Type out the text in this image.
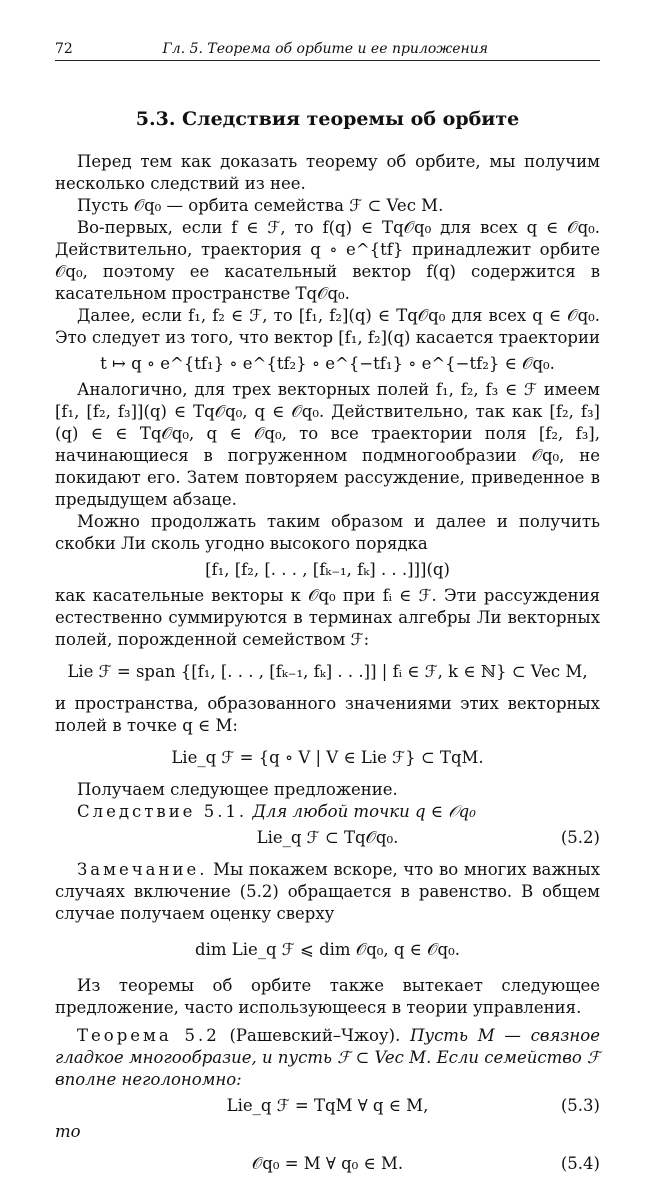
72	Гл. 5. Теорема об орбите и ее приложения
5.3. Следствия теоремы об орбите

Перед тем как доказать теорему об орбите, мы получим несколько следствий из нее.

Пусть 𝒪q₀ — орбита семейства ℱ ⊂ Vec M.

Во-первых, если f ∈ ℱ, то f(q) ∈ Tq𝒪q₀ для всех q ∈ 𝒪q₀. Действительно, траектория q ∘ e^{tf} принадлежит орбите 𝒪q₀, поэтому ее касательный вектор f(q) содержится в касательном пространстве Tq𝒪q₀.

Далее, если f₁, f₂ ∈ ℱ, то [f₁, f₂](q) ∈ Tq𝒪q₀ для всех q ∈ 𝒪q₀. Это следует из того, что вектор [f₁, f₂](q) касается траектории

t ↦ q ∘ e^{tf₁} ∘ e^{tf₂} ∘ e^{−tf₁} ∘ e^{−tf₂} ∈ 𝒪q₀.

Аналогично, для трех векторных полей f₁, f₂, f₃ ∈ ℱ имеем [f₁, [f₂, f₃]](q) ∈ Tq𝒪q₀, q ∈ 𝒪q₀. Действительно, так как [f₂, f₃](q) ∈ ∈ Tq𝒪q₀, q ∈ 𝒪q₀, то все траектории поля [f₂, f₃], начинающиеся в погруженном подмногообразии 𝒪q₀, не покидают его. Затем повторяем рассуждение, приведенное в предыдущем абзаце.

Можно продолжать таким образом и далее и получить скобки Ли сколь угодно высокого порядка

[f₁, [f₂, [. . . , [fₖ₋₁, fₖ] . . .]]](q)

как касательные векторы к 𝒪q₀ при fᵢ ∈ ℱ. Эти рассуждения естественно суммируются в терминах алгебры Ли векторных полей, порожденной семейством ℱ:

Lie ℱ = span {[f₁, [. . . , [fₖ₋₁, fₖ] . . .]] | fᵢ ∈ ℱ, k ∈ ℕ} ⊂ Vec M,

и пространства, образованного значениями этих векторных полей в точке q ∈ M:

Lie_q ℱ = {q ∘ V | V ∈ Lie ℱ} ⊂ TqM.

Получаем следующее предложение.

Следствие 5.1. Для любой точки q ∈ 𝒪q₀

Lie_q ℱ ⊂ Tq𝒪q₀.	(5.2)

Замечание. Мы покажем вскоре, что во многих важных случаях включение (5.2) обращается в равенство. В общем случае получаем оценку сверху

dim Lie_q ℱ ⩽ dim 𝒪q₀, q ∈ 𝒪q₀.

Из теоремы об орбите также вытекает следующее предложение, часто использующееся в теории управления.

Теорема 5.2 (Рашевский–Чжоу). Пусть M — связное гладкое многообразие, и пусть ℱ ⊂ Vec M. Если семейство ℱ вполне неголономно:

Lie_q ℱ = TqM ∀ q ∈ M,	(5.3)

то

𝒪q₀ = M ∀ q₀ ∈ M.	(5.4)
